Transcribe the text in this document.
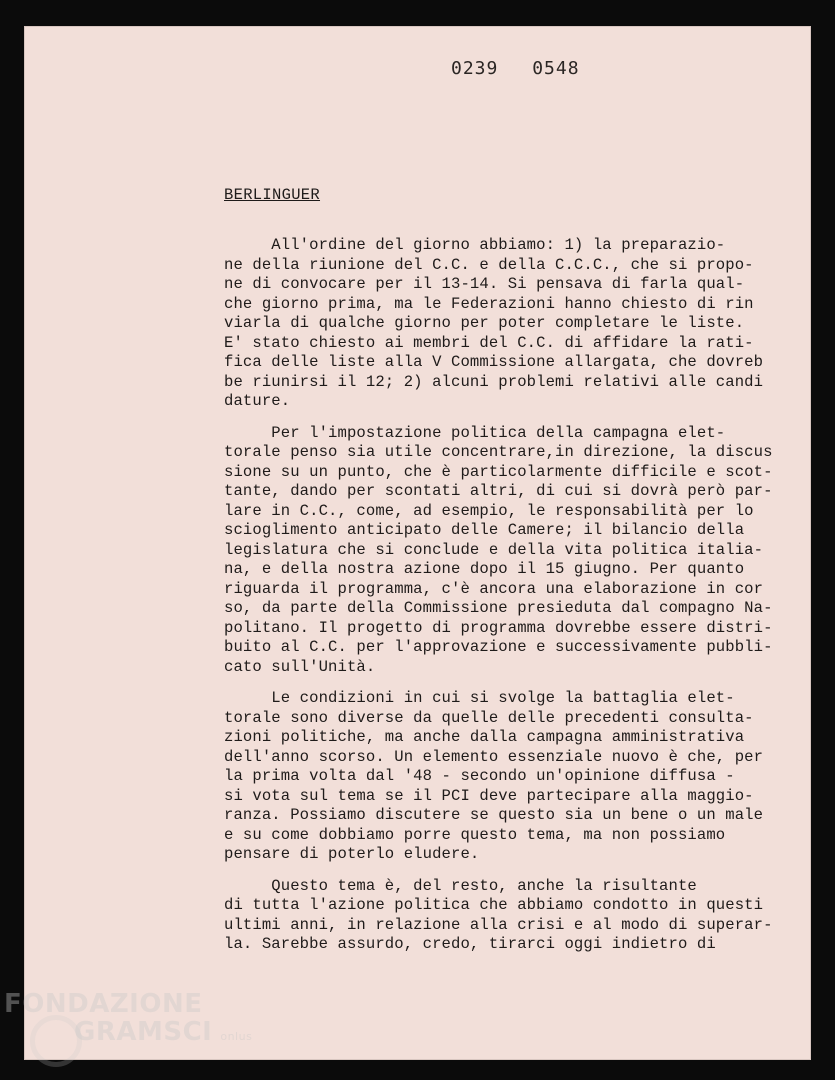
0239 0548
BERLINGUER
All'ordine del giorno abbiamo: 1) la preparazio-
ne della riunione del C.C. e della C.C.C., che si propo-
ne di convocare per il 13-14. Si pensava di farla qual-
che giorno prima, ma le Federazioni hanno chiesto di rin
viarla di qualche giorno per poter completare le liste.
E' stato chiesto ai membri del C.C. di affidare la rati-
fica delle liste alla V Commissione allargata, che dovreb
be riunirsi il 12; 2) alcuni problemi relativi alle candi
dature.
Per l'impostazione politica della campagna elet-
torale penso sia utile concentrare,in direzione, la discus
sione su un punto, che è particolarmente difficile e scot-
tante, dando per scontati altri, di cui si dovrà però par-
lare in C.C., come, ad esempio, le responsabilità per lo
scioglimento anticipato delle Camere; il bilancio della
legislatura che si conclude e della vita politica italia-
na, e della nostra azione dopo il 15 giugno. Per quanto
riguarda il programma, c'è ancora una elaborazione in cor
so, da parte della Commissione presieduta dal compagno Na-
politano. Il progetto di programma dovrebbe essere distri-
buito al C.C. per l'approvazione e successivamente pubbli-
cato sull'Unità.
Le condizioni in cui si svolge la battaglia elet-
torale sono diverse da quelle delle precedenti consulta-
zioni politiche, ma anche dalla campagna amministrativa
dell'anno scorso. Un elemento essenziale nuovo è che, per
la prima volta dal '48 - secondo un'opinione diffusa -
si vota sul tema se il PCI deve partecipare alla maggio-
ranza. Possiamo discutere se questo sia un bene o un male
e su come dobbiamo porre questo tema, ma non possiamo
pensare di poterlo eludere.
Questo tema è, del resto, anche la risultante
di tutta l'azione politica che abbiamo condotto in questi
ultimi anni, in relazione alla crisi e al modo di superar-
la. Sarebbe assurdo, credo, tirarci oggi indietro di
FONDAZIONE
GRAMSCI onlus
